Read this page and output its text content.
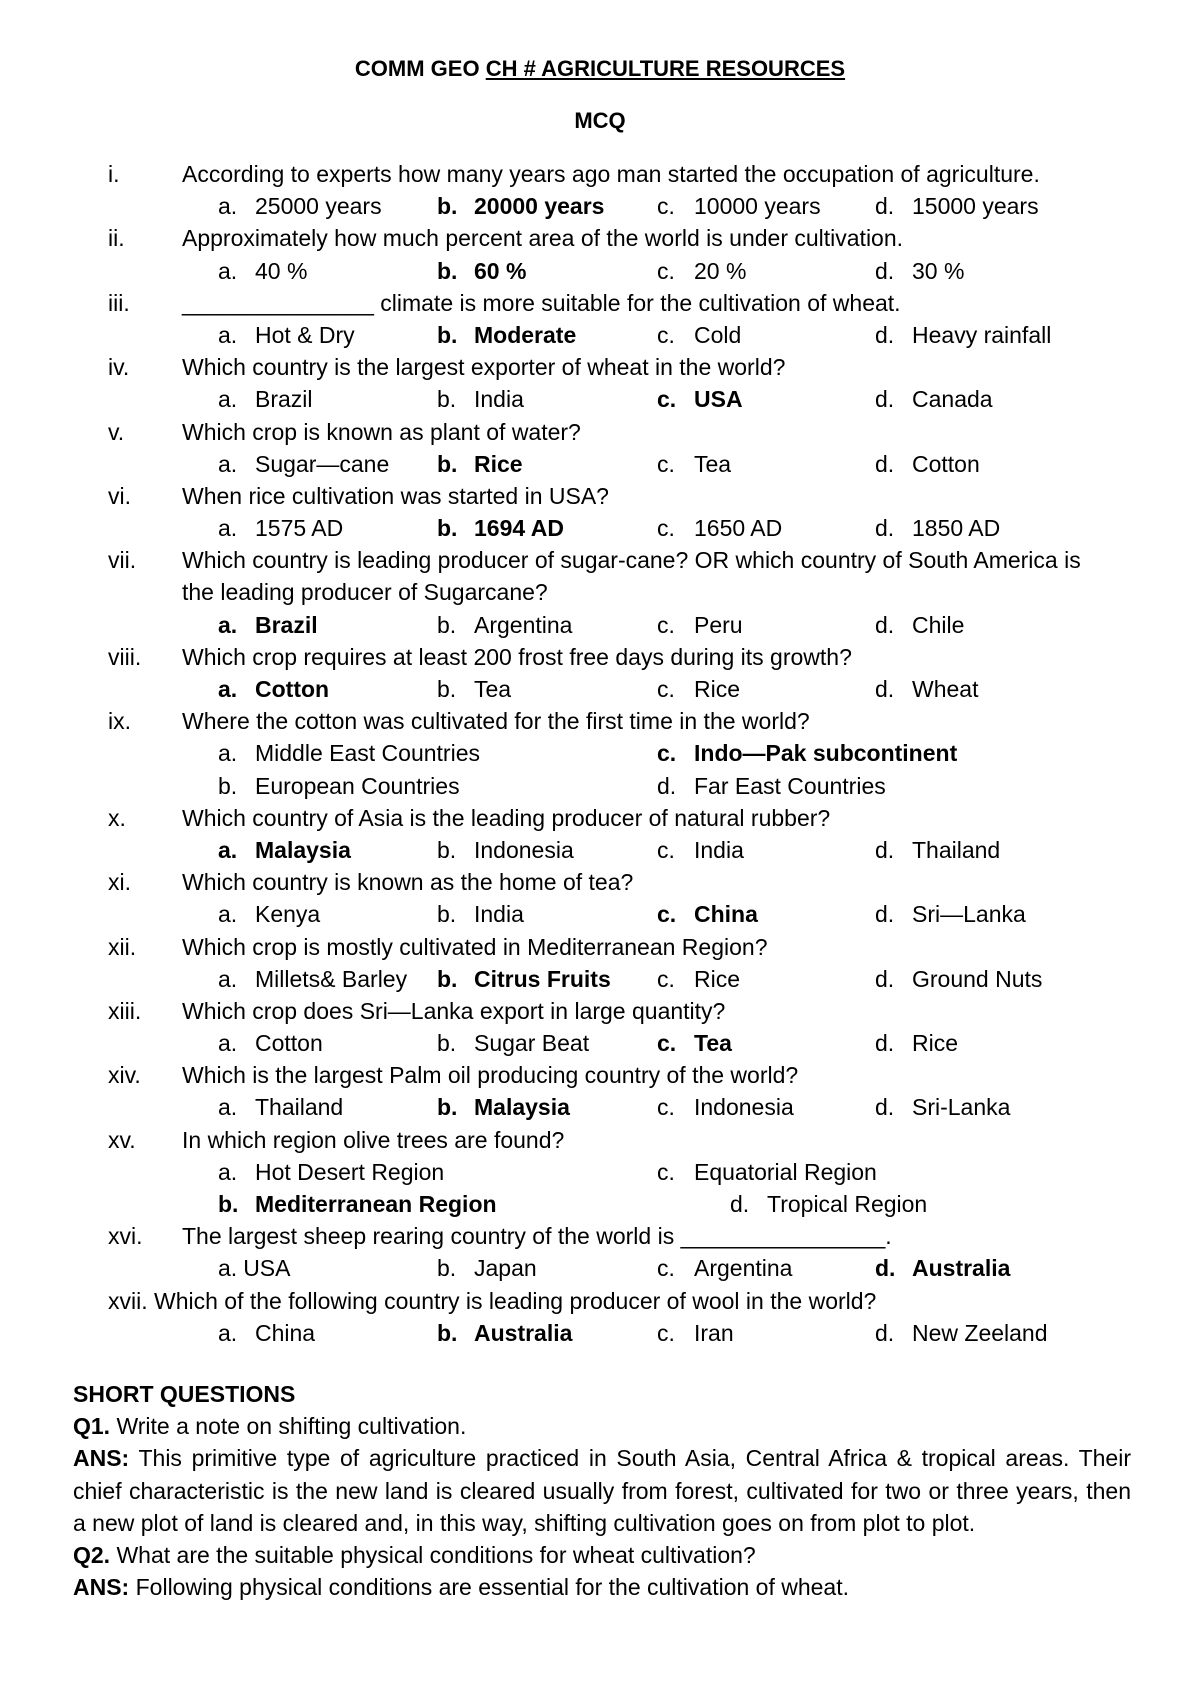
COMM GEO CH # AGRICULTURE RESOURCES
MCQ
i.	According to experts how many years ago man started the occupation of agriculture.
a. 25000 years b. 20000 years c. 10000 years d. 15000 years
ii. Approximately how much percent area of the world is under cultivation.
a. 40 %	b. 60 %	c. 20 %	d. 30 %
iii. _______________ climate is more suitable for the cultivation of wheat.
a. Hot & Dry	b. Moderate	c. Cold	d. Heavy rainfall
iv. Which country is the largest exporter of wheat in the world?
a. Brazil	b. India	c. USA	d. Canada
v.	Which crop is known as plant of water?
a. Sugar—cane b. Rice	c. Tea	d. Cotton
vi. When rice cultivation was started in USA?
a. 1575 AD	b. 1694 AD	c. 1650 AD	d. 1850 AD
vii. Which country is leading producer of sugar-cane? OR which country of South America is
the leading producer of Sugarcane?
a. Brazil	b. Argentina	c. Peru	d. Chile
viii. Which crop requires at least 200 frost free days during its growth?
a. Cotton	b. Tea	c. Rice	d. Wheat
ix. Where the cotton was cultivated for the first time in the world?
a. Middle East Countries	c. Indo—Pak subcontinent
b. European Countries	d. Far East Countries
x. Which country of Asia is the leading producer of natural rubber?
a. Malaysia	b. Indonesia	c. India	d. Thailand
xi. Which country is known as the home of tea?
a. Kenya	b. India	c. China	d. Sri—Lanka
xii. Which crop is mostly cultivated in Mediterranean Region?
a. Millets& Barley b. Citrus Fruits c. Rice	d. Ground Nuts
xiii. Which crop does Sri—Lanka export in large quantity?
a. Cotton	b. Sugar Beat	c. Tea	d. Rice
xiv. Which is the largest Palm oil producing country of the world?
a. Thailand	b. Malaysia	c. Indonesia	d. Sri-Lanka
xv. In which region olive trees are found?
a. Hot Desert Region	c. Equatorial Region
b. Mediterranean Region	d. Tropical Region
xvi. The largest sheep rearing country of the world is ________________.
a. USA	b. Japan	c. Argentina	d. Australia
xvii. Which of the following country is leading producer of wool in the world?
a. China	b. Australia	c. Iran	d. New Zeeland
SHORT QUESTIONS

Q1. Write a note on shifting cultivation.

ANS: This primitive type of agriculture practiced in South Asia, Central Africa & tropical areas. Their chief characteristic is the new land is cleared usually from forest, cultivated for two or three years, then a new plot of land is cleared and, in this way, shifting cultivation goes on from plot to plot.

Q2. What are the suitable physical conditions for wheat cultivation?

ANS: Following physical conditions are essential for the cultivation of wheat.
